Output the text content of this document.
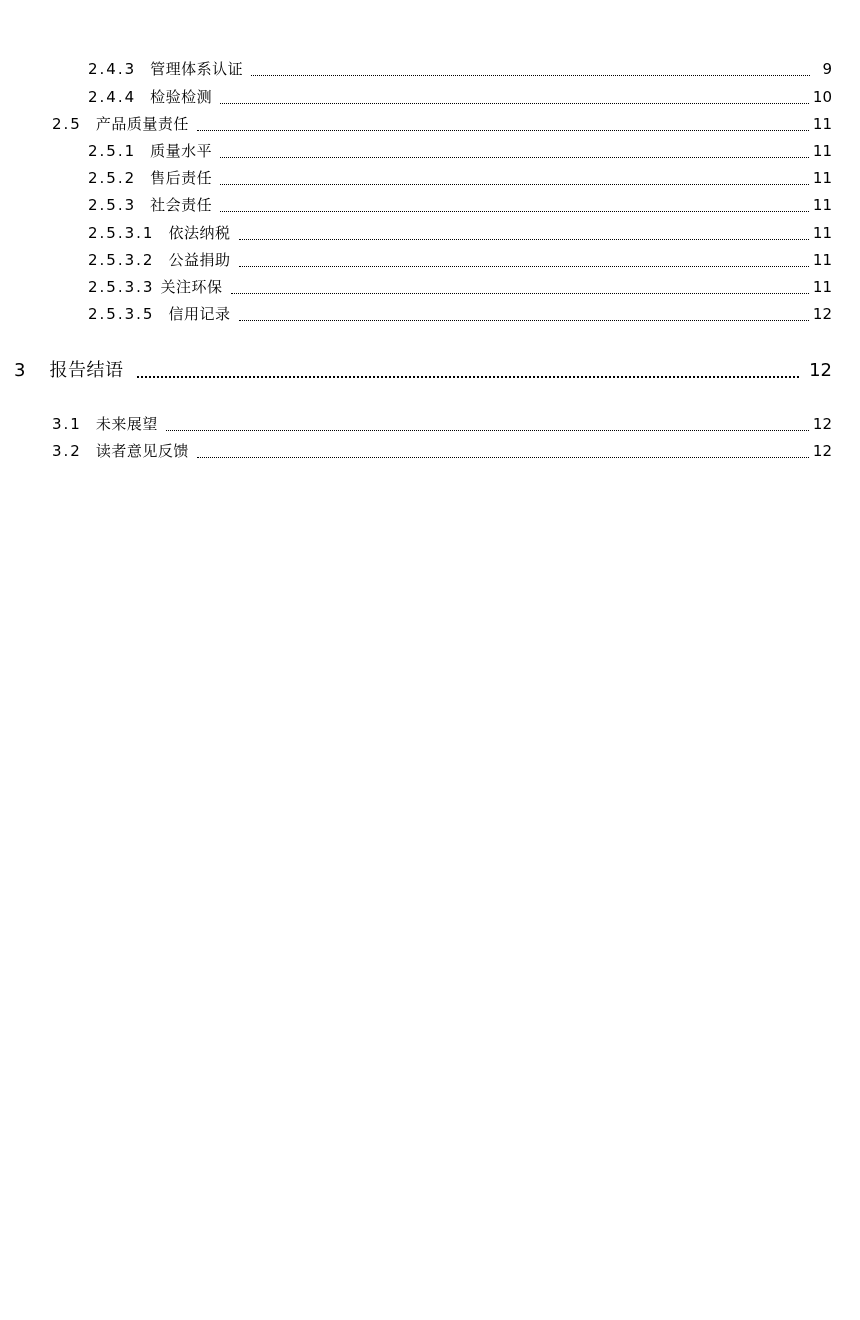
2.4.3 管理体系认证	9
2.4.4 检验检测	10
2.5 产品质量责任	11
2.5.1 质量水平	11
2.5.2 售后责任	11
2.5.3 社会责任	11
2.5.3.1 依法纳税	11
2.5.3.2 公益捐助	11
2.5.3.3 关注环保	11
2.5.3.5 信用记录	12
3 报告结语	12
3.1 未来展望	12
3.2 读者意见反馈	12
